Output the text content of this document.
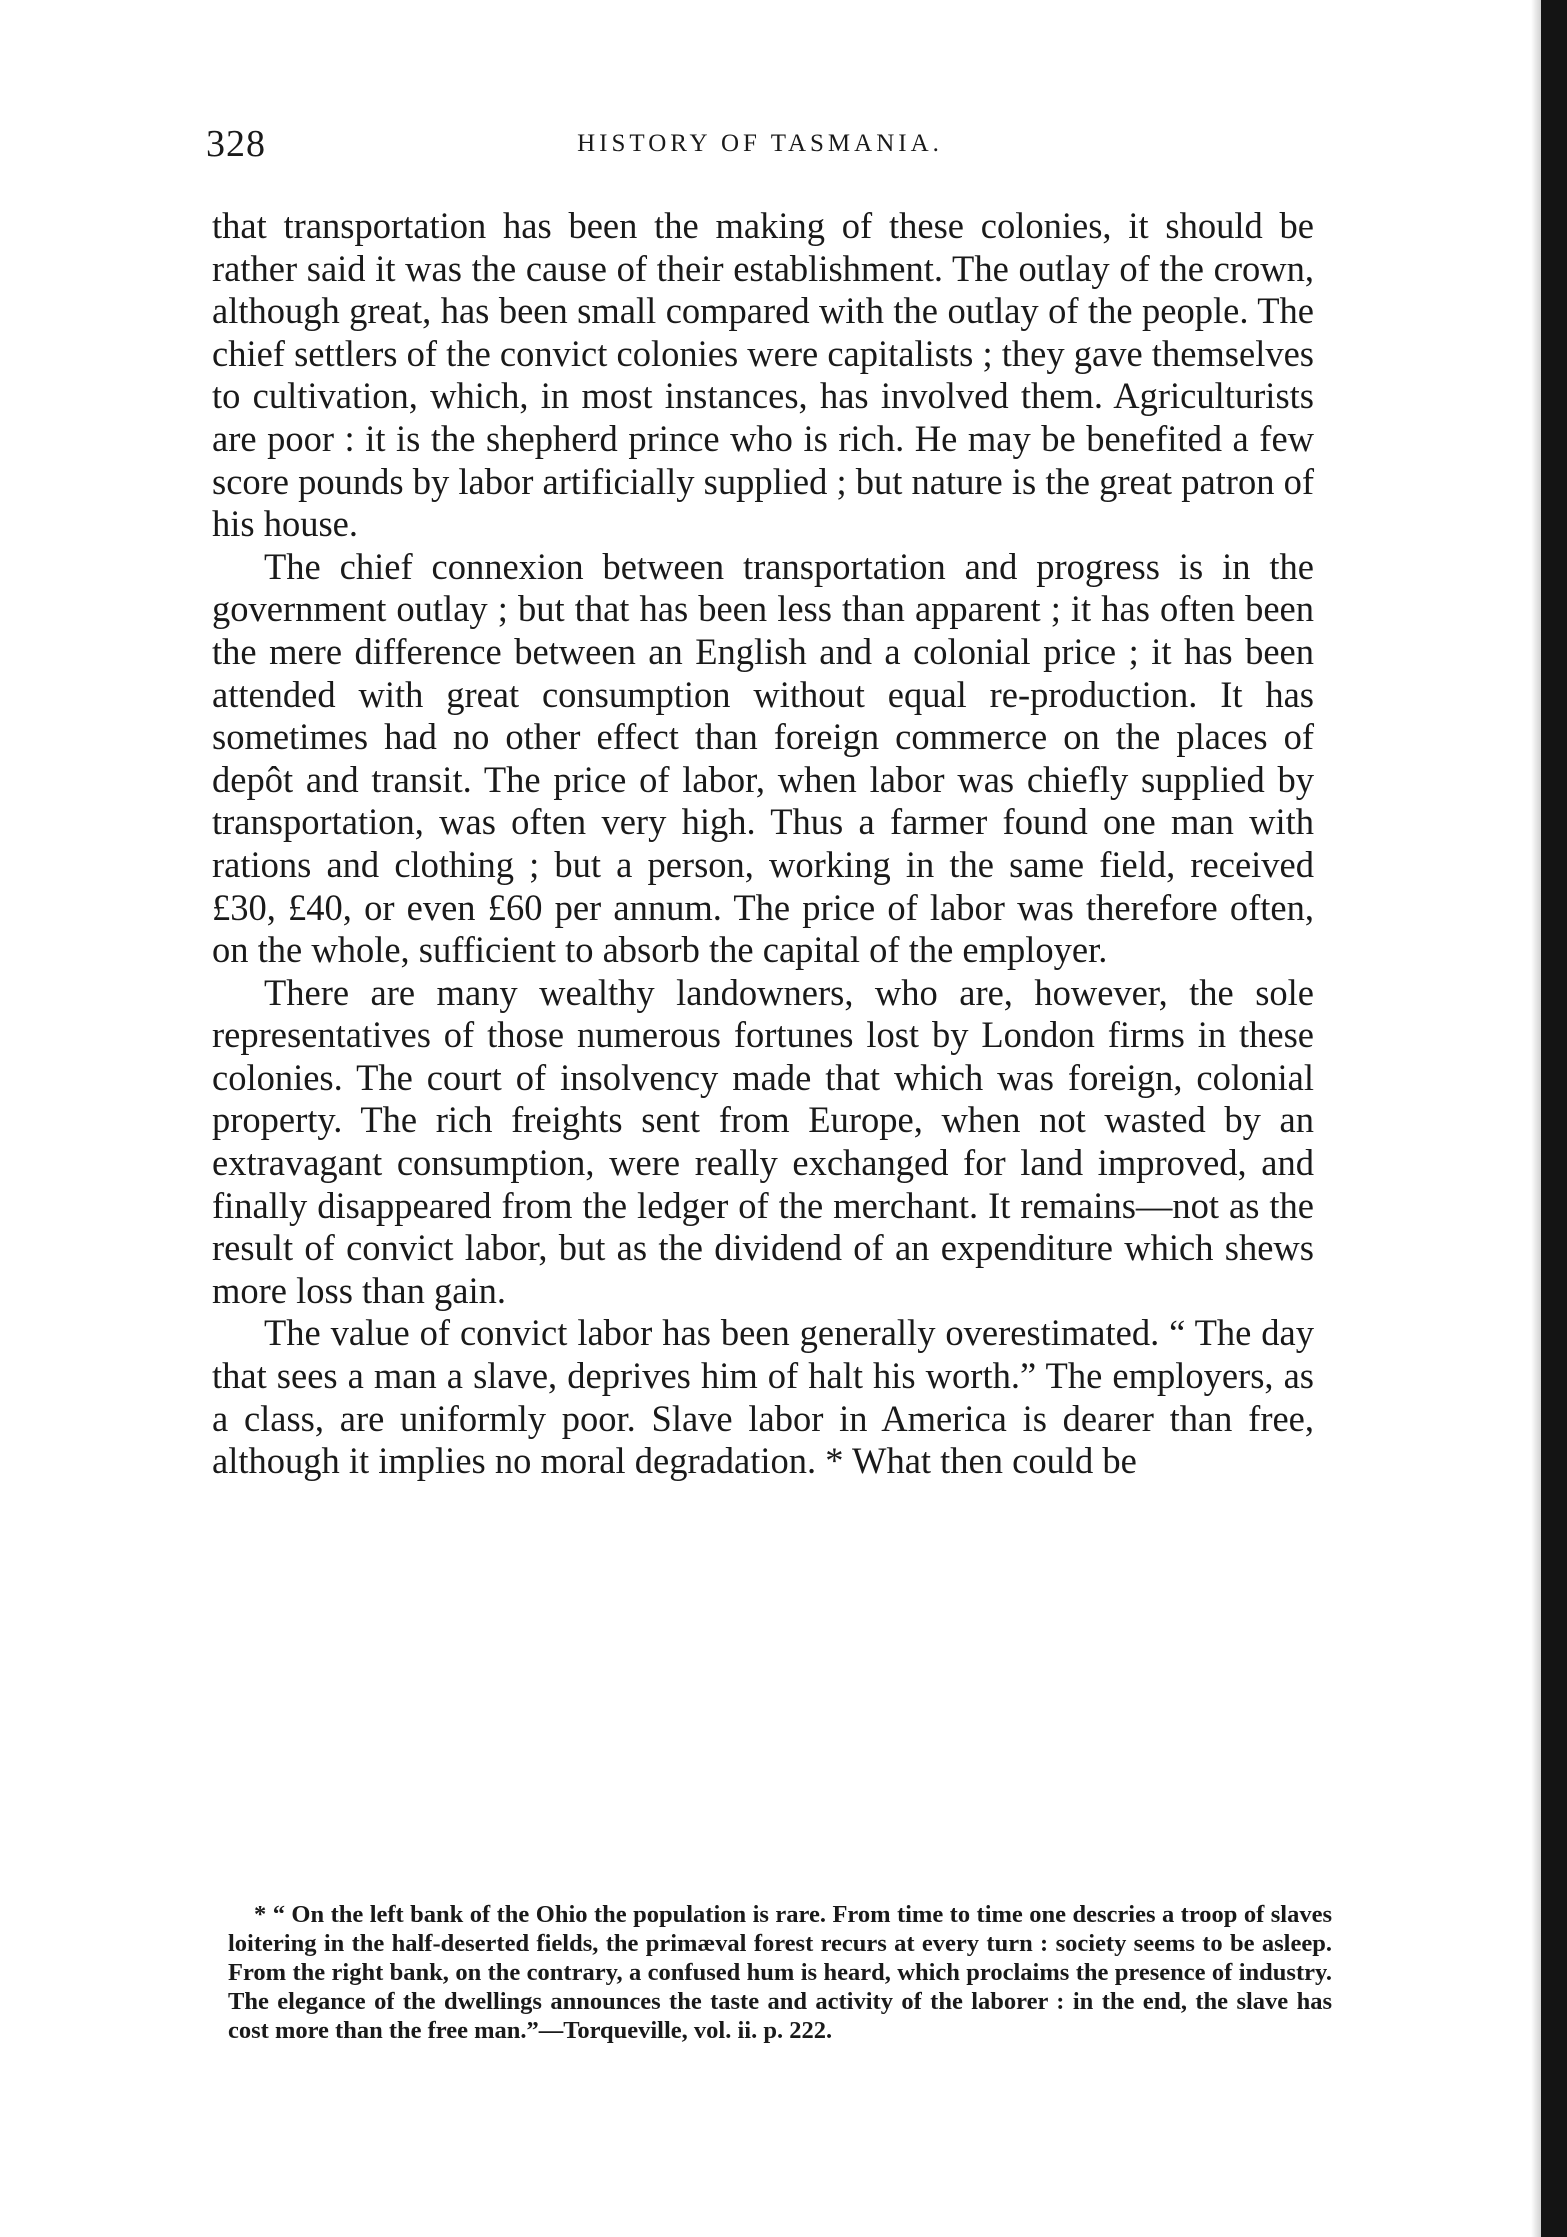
328	HISTORY OF TASMANIA.

that transportation has been the making of these colonies, it should be rather said it was the cause of their establishment. The outlay of the crown, although great, has been small compared with the outlay of the people. The chief settlers of the convict colonies were capitalists ; they gave themselves to cultivation, which, in most instances, has involved them. Agriculturists are poor : it is the shepherd prince who is rich. He may be benefited a few score pounds by labor artificially supplied ; but nature is the great patron of his house.

The chief connexion between transportation and progress is in the government outlay ; but that has been less than apparent ; it has often been the mere difference between an English and a colonial price ; it has been attended with great consumption without equal re-production. It has sometimes had no other effect than foreign commerce on the places of depôt and transit. The price of labor, when labor was chiefly supplied by transportation, was often very high. Thus a farmer found one man with rations and clothing ; but a person, working in the same field, received £30, £40, or even £60 per annum. The price of labor was therefore often, on the whole, sufficient to absorb the capital of the employer.

There are many wealthy landowners, who are, however, the sole representatives of those numerous fortunes lost by London firms in these colonies. The court of insolvency made that which was foreign, colonial property. The rich freights sent from Europe, when not wasted by an extravagant consumption, were really exchanged for land improved, and finally disappeared from the ledger of the merchant. It remains—not as the result of convict labor, but as the dividend of an expenditure which shews more loss than gain.

The value of convict labor has been generally overestimated. “ The day that sees a man a slave, deprives him of halt his worth.” The employers, as a class, are uniformly poor. Slave labor in America is dearer than free, although it implies no moral degradation. * What then could be

* “ On the left bank of the Ohio the population is rare. From time to time one descries a troop of slaves loitering in the half-deserted fields, the primæval forest recurs at every turn : society seems to be asleep. From the right bank, on the contrary, a confused hum is heard, which proclaims the presence of industry. The elegance of the dwellings announces the taste and activity of the laborer : in the end, the slave has cost more than the free man.”—Torqueville, vol. ii. p. 222.
